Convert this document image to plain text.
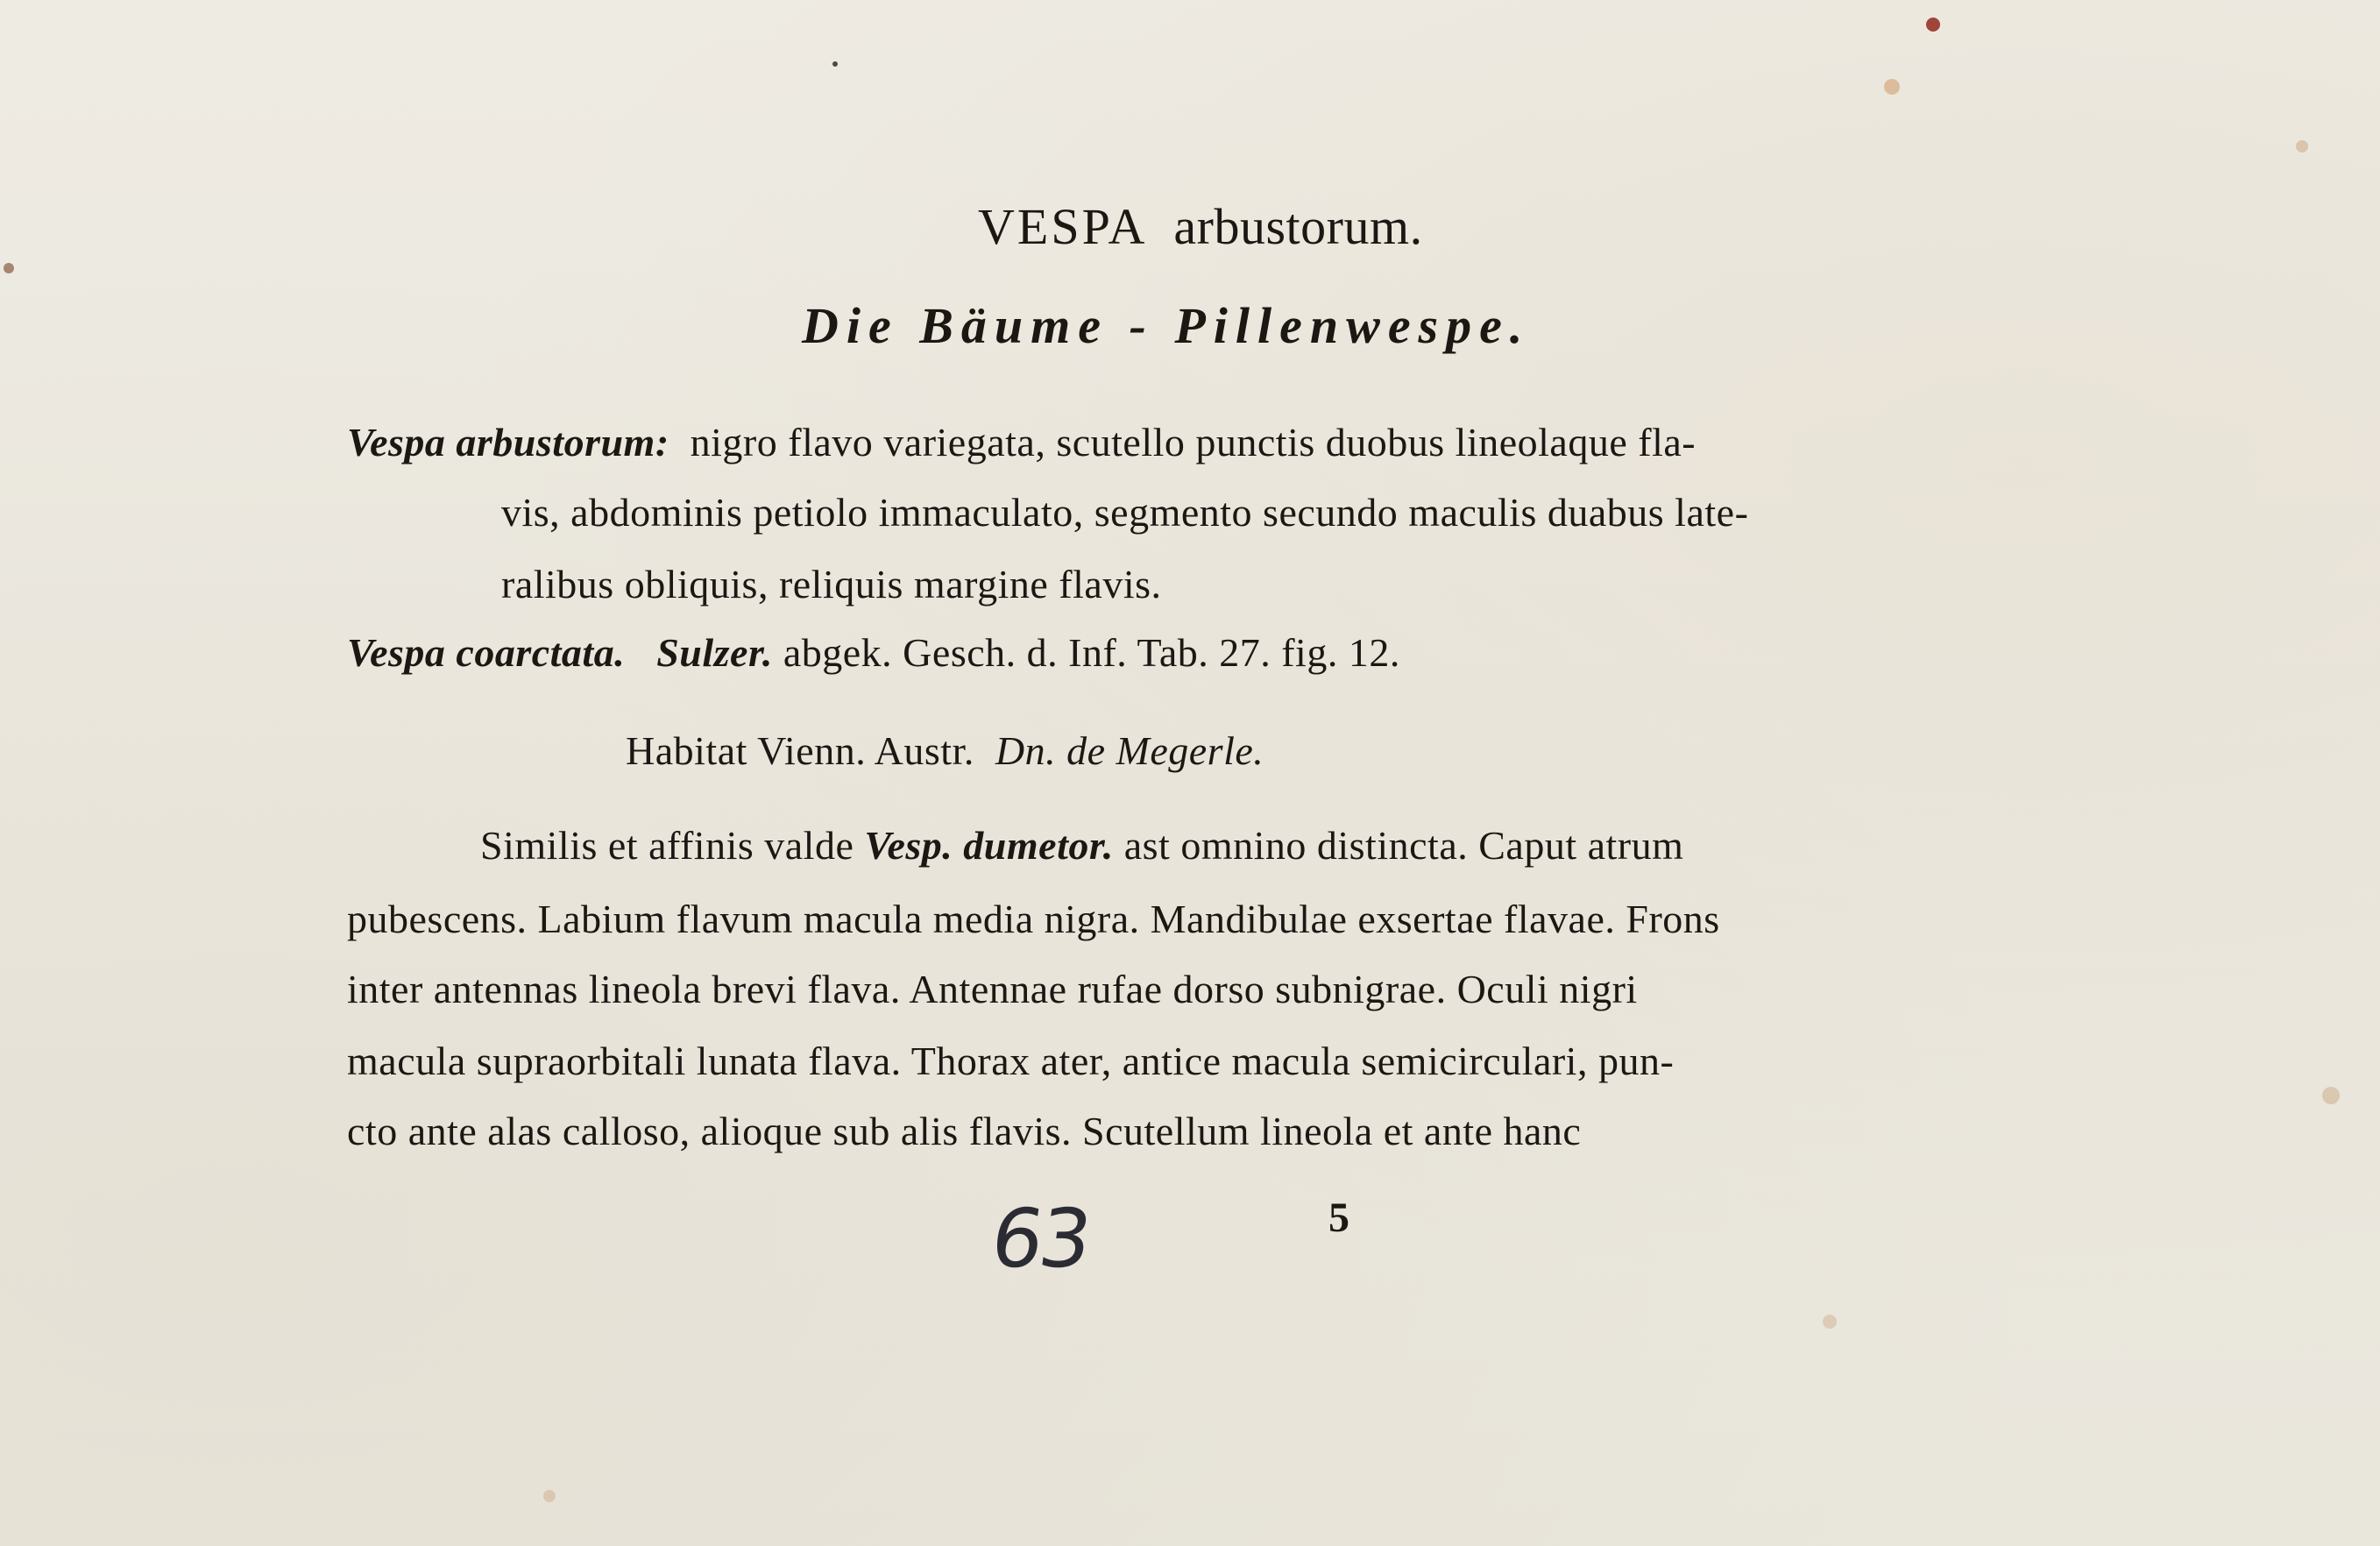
VESPA arbustorum.
Die Bäume - Pillenwespe.
Vespa arbustorum: nigro flavo variegata, scutello punctis duobus lineolaque fla-
vis, abdominis petiolo immaculato, segmento secundo maculis duabus late-
ralibus obliquis, reliquis margine flavis.
Vespa coarctata. Sulzer. abgek. Gesch. d. Inf. Tab. 27. fig. 12.
Habitat Vienn. Austr. Dn. de Megerle.
Similis et affinis valde Vesp. dumetor. ast omnino distincta. Caput atrum
pubescens. Labium flavum macula media nigra. Mandibulae exsertae flavae. Frons
inter antennas lineola brevi flava. Antennae rufae dorso subnigrae. Oculi nigri
macula supraorbitali lunata flava. Thorax ater, antice macula semicirculari, pun-
cto ante alas calloso, alioque sub alis flavis. Scutellum lineola et ante hanc
63	5
